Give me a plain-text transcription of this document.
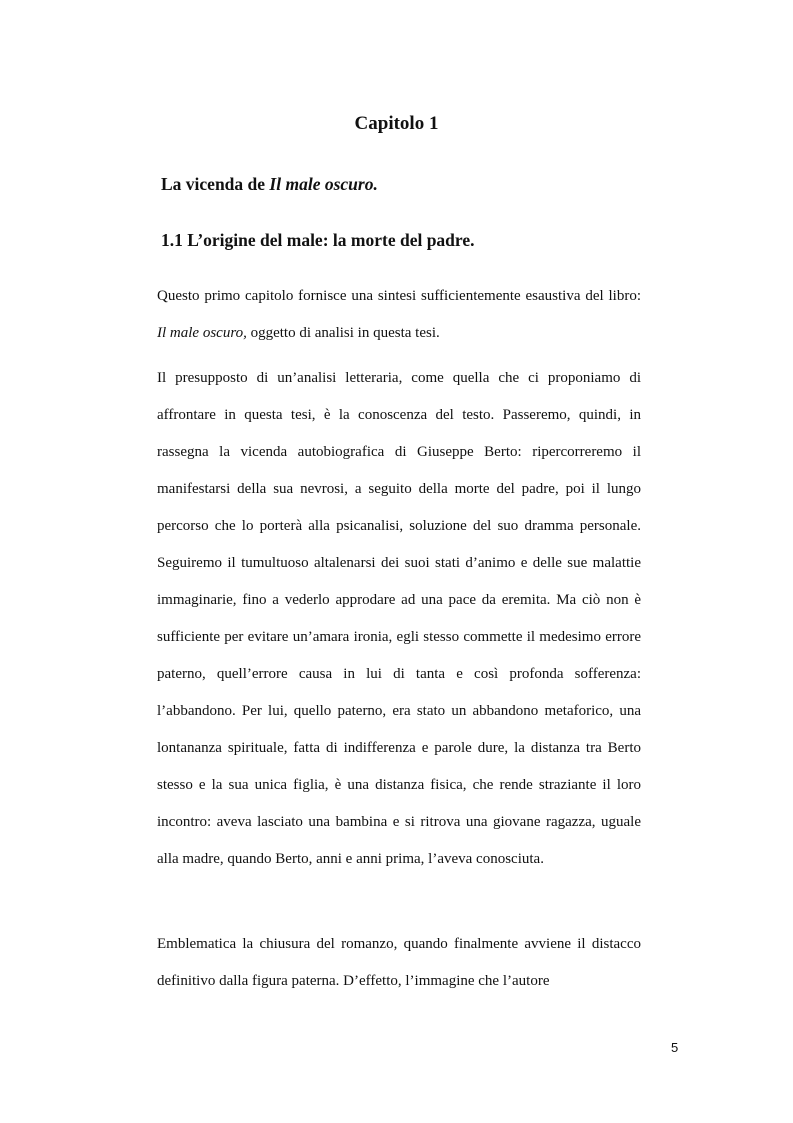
Capitolo 1
La vicenda de Il male oscuro.
1.1 L’origine del male: la morte del padre.

Questo primo capitolo fornisce una sintesi sufficientemente esaustiva del libro: Il male oscuro, oggetto di analisi in questa tesi.

Il presupposto di un’analisi letteraria, come quella che ci proponiamo di affrontare in questa tesi, è la conoscenza del testo. Passeremo, quindi, in rassegna la vicenda autobiografica di Giuseppe Berto: ripercorreremo il manifestarsi della sua nevrosi, a seguito della morte del padre, poi il lungo percorso che lo porterà alla psicanalisi, soluzione del suo dramma personale. Seguiremo il tumultuoso altalenarsi dei suoi stati d’animo e delle sue malattie immaginarie, fino a vederlo approdare ad una pace da eremita. Ma ciò non è sufficiente per evitare un’amara ironia, egli stesso commette il medesimo errore paterno, quell’errore causa in lui di tanta e così profonda sofferenza: l’abbandono. Per lui, quello paterno, era stato un abbandono metaforico, una lontananza spirituale, fatta di indifferenza e parole dure, la distanza tra Berto stesso e la sua unica figlia, è una distanza fisica, che rende straziante il loro incontro: aveva lasciato una bambina e si ritrova una giovane ragazza, uguale alla madre, quando Berto, anni e anni prima, l’aveva conosciuta.

Emblematica la chiusura del romanzo, quando finalmente avviene il distacco definitivo dalla figura paterna. D’effetto, l’immagine che l’autore

5
